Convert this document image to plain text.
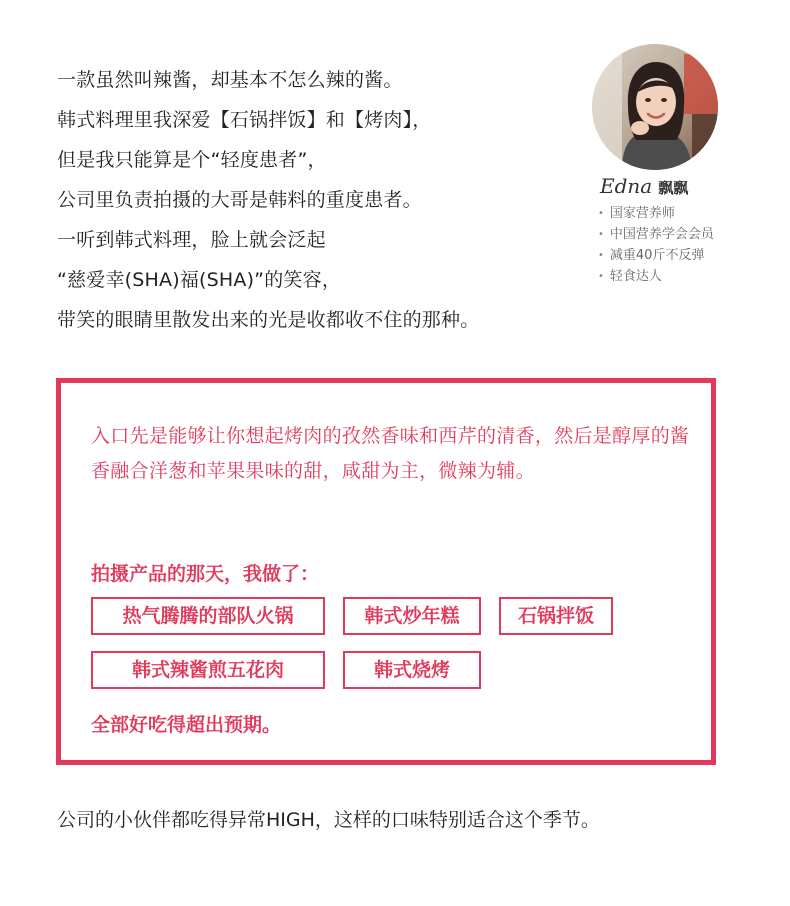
一款虽然叫辣酱，却基本不怎么辣的酱。

韩式料理里我深爱【石锅拌饭】和【烤肉】，

但是我只能算是个“轻度患者”，

公司里负责拍摄的大哥是韩料的重度患者。

一听到韩式料理，脸上就会泛起

“慈爱幸(SHA)福(SHA)”的笑容，

带笑的眼睛里散发出来的光是收都收不住的那种。

Edna 飘飘
• 国家营养师
• 中国营养学会会员
• 减重40斤不反弹
• 轻食达人

入口先是能够让你想起烤肉的孜然香味和西芹的清香，然后是醇厚的酱香融合洋葱和苹果果味的甜，咸甜为主，微辣为辅。

拍摄产品的那天，我做了：

热气腾腾的部队火锅	韩式炒年糕	石锅拌饭
韩式辣酱煎五花肉	韩式烧烤

全部好吃得超出预期。

公司的小伙伴都吃得异常HIGH，这样的口味特别适合这个季节。
